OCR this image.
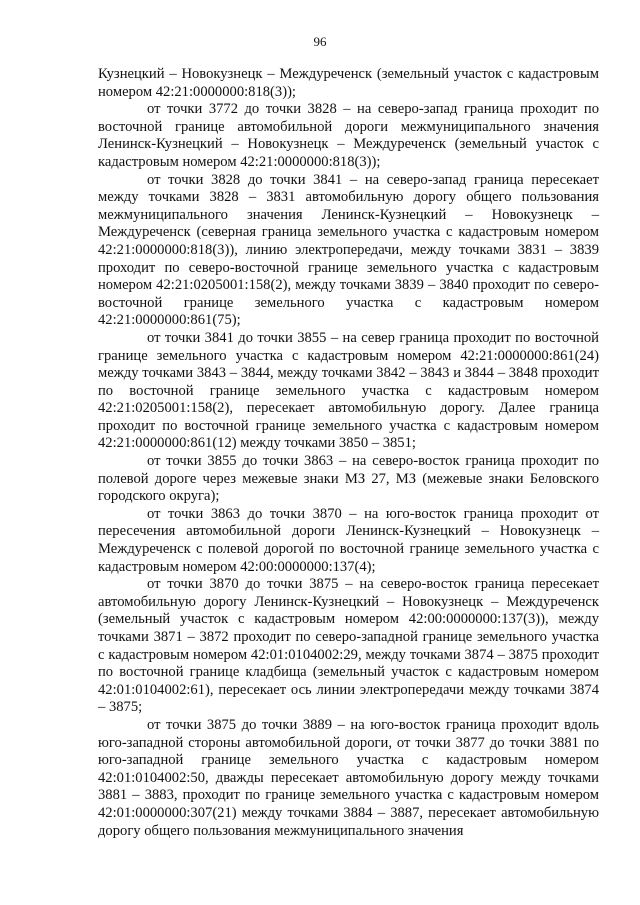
96

Кузнецкий – Новокузнецк – Междуреченск (земельный участок с кадастровым номером 42:21:0000000:818(3));

от точки 3772 до точки 3828 – на северо-запад граница проходит по восточной границе автомобильной дороги межмуниципального значения Ленинск-Кузнецкий – Новокузнецк – Междуреченск (земельный участок с кадастровым номером 42:21:0000000:818(3));

от точки 3828 до точки 3841 – на северо-запад граница пересекает между точками 3828 – 3831 автомобильную дорогу общего пользования межмуниципального значения Ленинск-Кузнецкий – Новокузнецк – Междуреченск (северная граница земельного участка с кадастровым номером 42:21:0000000:818(3)), линию электропередачи, между точками 3831 – 3839 проходит по северо-восточной границе земельного участка с кадастровым номером 42:21:0205001:158(2), между точками 3839 – 3840 проходит по северо-восточной границе земельного участка с кадастровым номером 42:21:0000000:861(75);

от точки 3841 до точки 3855 – на север граница проходит по восточной границе земельного участка с кадастровым номером 42:21:0000000:861(24) между точками 3843 – 3844, между точками 3842 – 3843 и 3844 – 3848 проходит по восточной границе земельного участка с кадастровым номером 42:21:0205001:158(2), пересекает автомобильную дорогу. Далее граница проходит по восточной границе земельного участка с кадастровым номером 42:21:0000000:861(12) между точками 3850 – 3851;

от точки 3855 до точки 3863 – на северо-восток граница проходит по полевой дороге через межевые знаки МЗ 27, МЗ (межевые знаки Беловского городского округа);

от точки 3863 до точки 3870 – на юго-восток граница проходит от пересечения автомобильной дороги Ленинск-Кузнецкий – Новокузнецк – Междуреченск с полевой дорогой по восточной границе земельного участка с кадастровым номером 42:00:0000000:137(4);

от точки 3870 до точки 3875 – на северо-восток граница пересекает автомобильную дорогу Ленинск-Кузнецкий – Новокузнецк – Междуреченск (земельный участок с кадастровым номером 42:00:0000000:137(3)), между точками 3871 – 3872 проходит по северо-западной границе земельного участка с кадастровым номером 42:01:0104002:29, между точками 3874 – 3875 проходит по восточной границе кладбища (земельный участок с кадастровым номером 42:01:0104002:61), пересекает ось линии электропередачи между точками 3874 – 3875;

от точки 3875 до точки 3889 – на юго-восток граница проходит вдоль юго-западной стороны автомобильной дороги, от точки 3877 до точки 3881 по юго-западной границе земельного участка с кадастровым номером 42:01:0104002:50, дважды пересекает автомобильную дорогу между точками 3881 – 3883, проходит по границе земельного участка с кадастровым номером 42:01:0000000:307(21) между точками 3884 – 3887, пересекает автомобильную дорогу общего пользования межмуниципального значения
